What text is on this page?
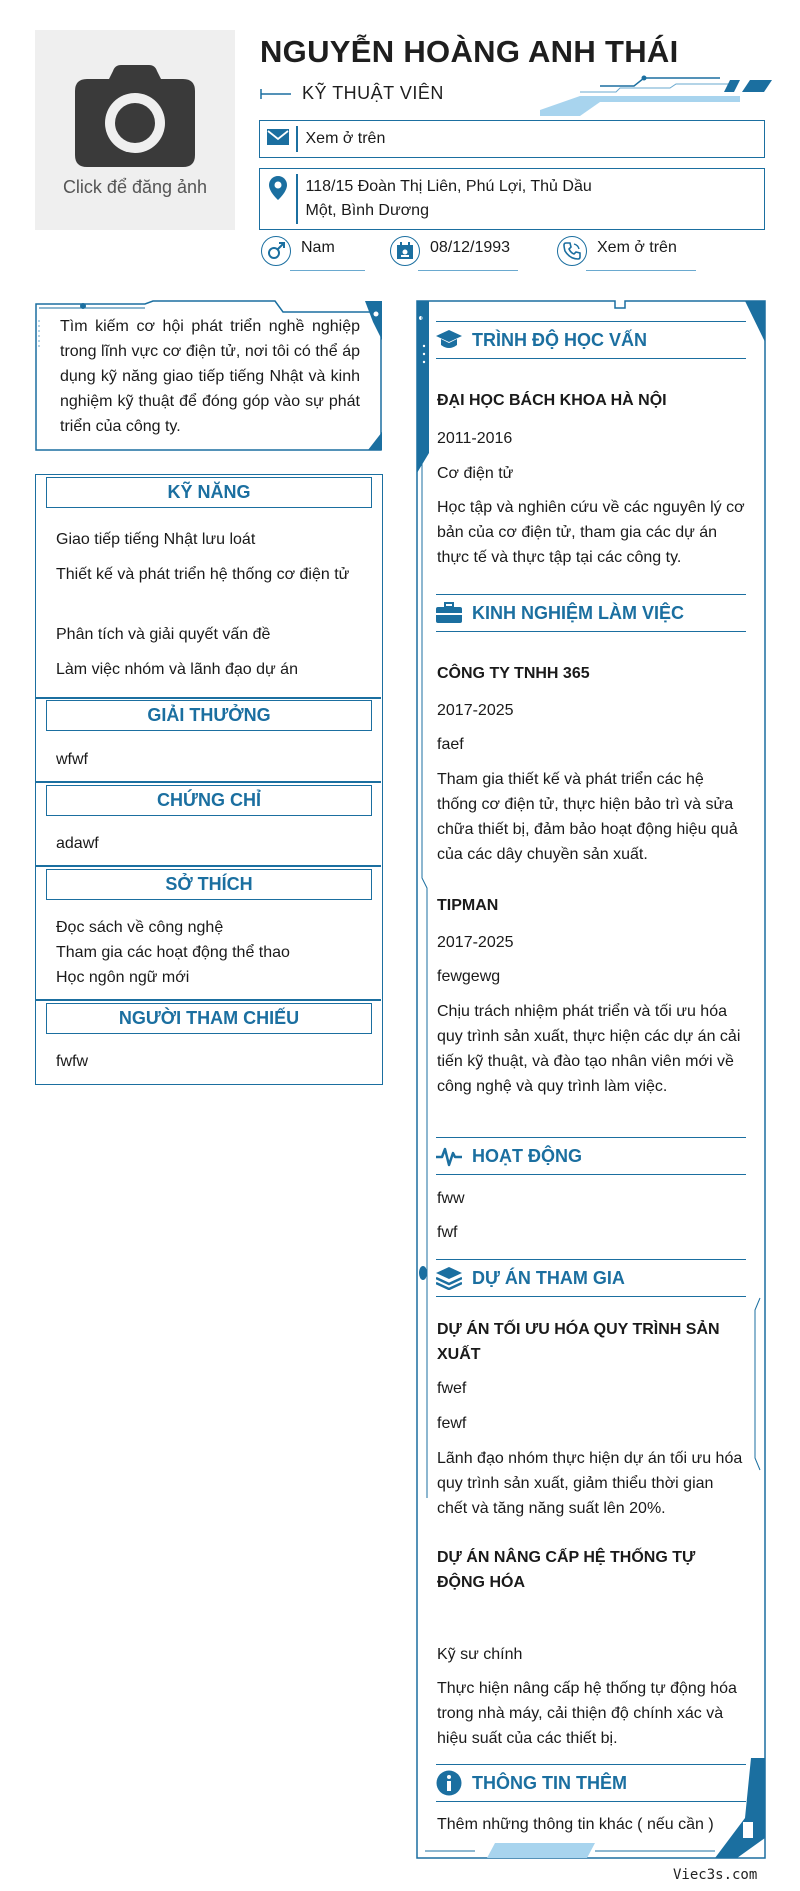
Click để đăng ảnh
NGUYỄN HOÀNG ANH THÁI
KỸ THUẬT VIÊN
Xem ở trên
118/15 Đoàn Thị Liên, Phú Lợi, Thủ Dầu Một, Bình Dương
Nam	08/12/1993	Xem ở trên
Tìm kiếm cơ hội phát triển nghề nghiệp trong lĩnh vực cơ điện tử, nơi tôi có thể áp dụng kỹ năng giao tiếp tiếng Nhật và kinh nghiệm kỹ thuật để đóng góp vào sự phát triển của công ty.
KỸ NĂNG
Giao tiếp tiếng Nhật lưu loát
Thiết kế và phát triển hệ thống cơ điện tử
Phân tích và giải quyết vấn đề
Làm việc nhóm và lãnh đạo dự án
GIẢI THƯỞNG
wfwf
CHỨNG CHỈ
adawf
SỞ THÍCH
Đọc sách về công nghệ
Tham gia các hoạt động thể thao
Học ngôn ngữ mới
NGƯỜI THAM CHIẾU
fwfw
TRÌNH ĐỘ HỌC VẤN
ĐẠI HỌC BÁCH KHOA HÀ NỘI
2011-2016
Cơ điện tử
Học tập và nghiên cứu về các nguyên lý cơ bản của cơ điện tử, tham gia các dự án thực tế và thực tập tại các công ty.
KINH NGHIỆM LÀM VIỆC
CÔNG TY TNHH 365
2017-2025
faef
Tham gia thiết kế và phát triển các hệ thống cơ điện tử, thực hiện bảo trì và sửa chữa thiết bị, đảm bảo hoạt động hiệu quả của các dây chuyền sản xuất.
TIPMAN
2017-2025
fewgewg
Chịu trách nhiệm phát triển và tối ưu hóa quy trình sản xuất, thực hiện các dự án cải tiến kỹ thuật, và đào tạo nhân viên mới về công nghệ và quy trình làm việc.
HOẠT ĐỘNG
fww
fwf
DỰ ÁN THAM GIA
DỰ ÁN TỐI ƯU HÓA QUY TRÌNH SẢN XUẤT
fwef
fewf
Lãnh đạo nhóm thực hiện dự án tối ưu hóa quy trình sản xuất, giảm thiểu thời gian chết và tăng năng suất lên 20%.
DỰ ÁN NÂNG CẤP HỆ THỐNG TỰ ĐỘNG HÓA
Kỹ sư chính
Thực hiện nâng cấp hệ thống tự động hóa trong nhà máy, cải thiện độ chính xác và hiệu suất của các thiết bị.
THÔNG TIN THÊM
Thêm những thông tin khác ( nếu cần )
Viec3s.com
